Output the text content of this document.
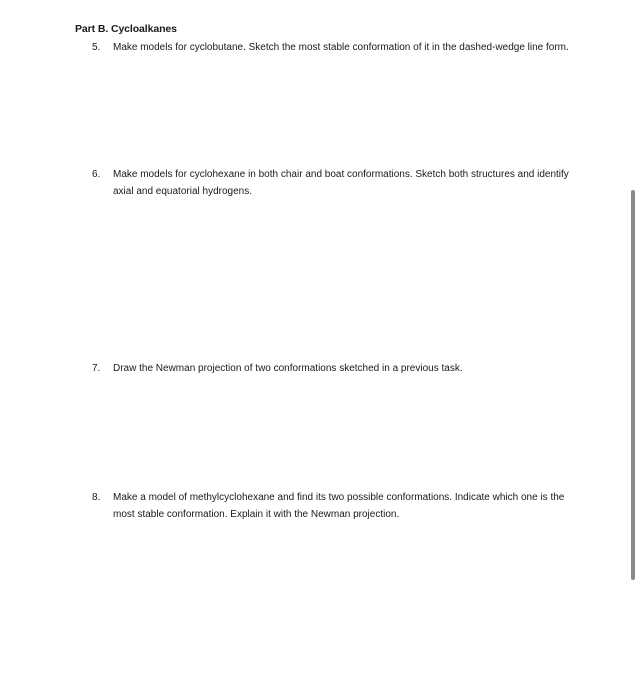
Part B. Cycloalkanes
5.	Make models for cyclobutane. Sketch the most stable conformation of it in the dashed-wedge line form.
6.	Make models for cyclohexane in both chair and boat conformations. Sketch both structures and identify axial and equatorial hydrogens.
7.	Draw the Newman projection of two conformations sketched in a previous task.
8.	Make a model of methylcyclohexane and find its two possible conformations. Indicate which one is the most stable conformation. Explain it with the Newman projection.
